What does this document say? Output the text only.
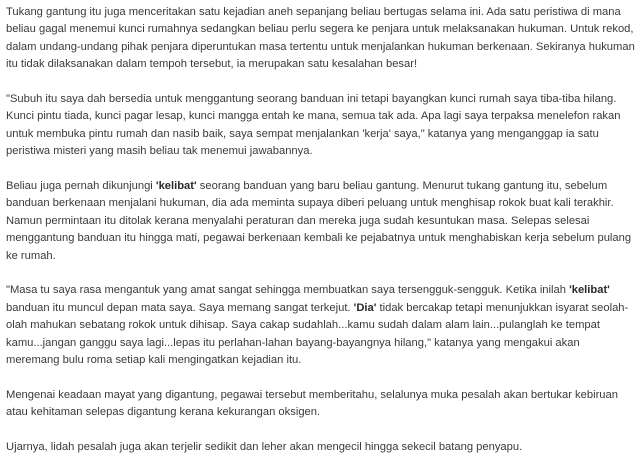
Tukang gantung itu juga menceritakan satu kejadian aneh sepanjang beliau bertugas selama ini. Ada satu peristiwa di mana beliau gagal menemui kunci rumahnya sedangkan beliau perlu segera ke penjara untuk melaksanakan hukuman. Untuk rekod, dalam undang-undang pihak penjara diperuntukan masa tertentu untuk menjalankan hukuman berkenaan. Sekiranya hukuman itu tidak dilaksanakan dalam tempoh tersebut, ia merupakan satu kesalahan besar!

"Subuh itu saya dah bersedia untuk menggantung seorang banduan ini tetapi bayangkan kunci rumah saya tiba-tiba hilang. Kunci pintu tiada, kunci pagar lesap, kunci mangga entah ke mana, semua tak ada. Apa lagi saya terpaksa menelefon rakan untuk membuka pintu rumah dan nasib baik, saya sempat menjalankan 'kerja' saya," katanya yang menganggap ia satu peristiwa misteri yang masih beliau tak menemui jawabannya.

Beliau juga pernah dikunjungi 'kelibat' seorang banduan yang baru beliau gantung. Menurut tukang gantung itu, sebelum banduan berkenaan menjalani hukuman, dia ada meminta supaya diberi peluang untuk menghisap rokok buat kali terakhir. Namun permintaan itu ditolak kerana menyalahi peraturan dan mereka juga sudah kesuntukan masa. Selepas selesai menggantung banduan itu hingga mati, pegawai berkenaan kembali ke pejabatnya untuk menghabiskan kerja sebelum pulang ke rumah.

"Masa tu saya rasa mengantuk yang amat sangat sehingga membuatkan saya tersengguk-sengguk. Ketika inilah 'kelibat' banduan itu muncul depan mata saya. Saya memang sangat terkejut. 'Dia' tidak bercakap tetapi menunjukkan isyarat seolah-olah mahukan sebatang rokok untuk dihisap. Saya cakap sudahlah...kamu sudah dalam alam lain...pulanglah ke tempat kamu...jangan ganggu saya lagi...lepas itu perlahan-lahan bayang-bayangnya hilang," katanya yang mengakui akan meremang bulu roma setiap kali mengingatkan kejadian itu.

Mengenai keadaan mayat yang digantung, pegawai tersebut memberitahu, selalunya muka pesalah akan bertukar kebiruan atau kehitaman selepas digantung kerana kekurangan oksigen.

Ujarnya, lidah pesalah juga akan terjelir sedikit dan leher akan mengecil hingga sekecil batang penyapu.
